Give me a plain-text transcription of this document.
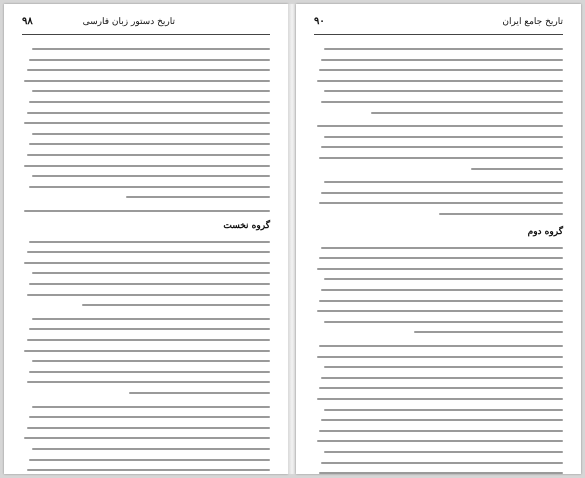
تاریخ دستور زبان فارسی
٩٨
گروه نخست
تاریخ جامع ایران
٩٠
گروه دوم
